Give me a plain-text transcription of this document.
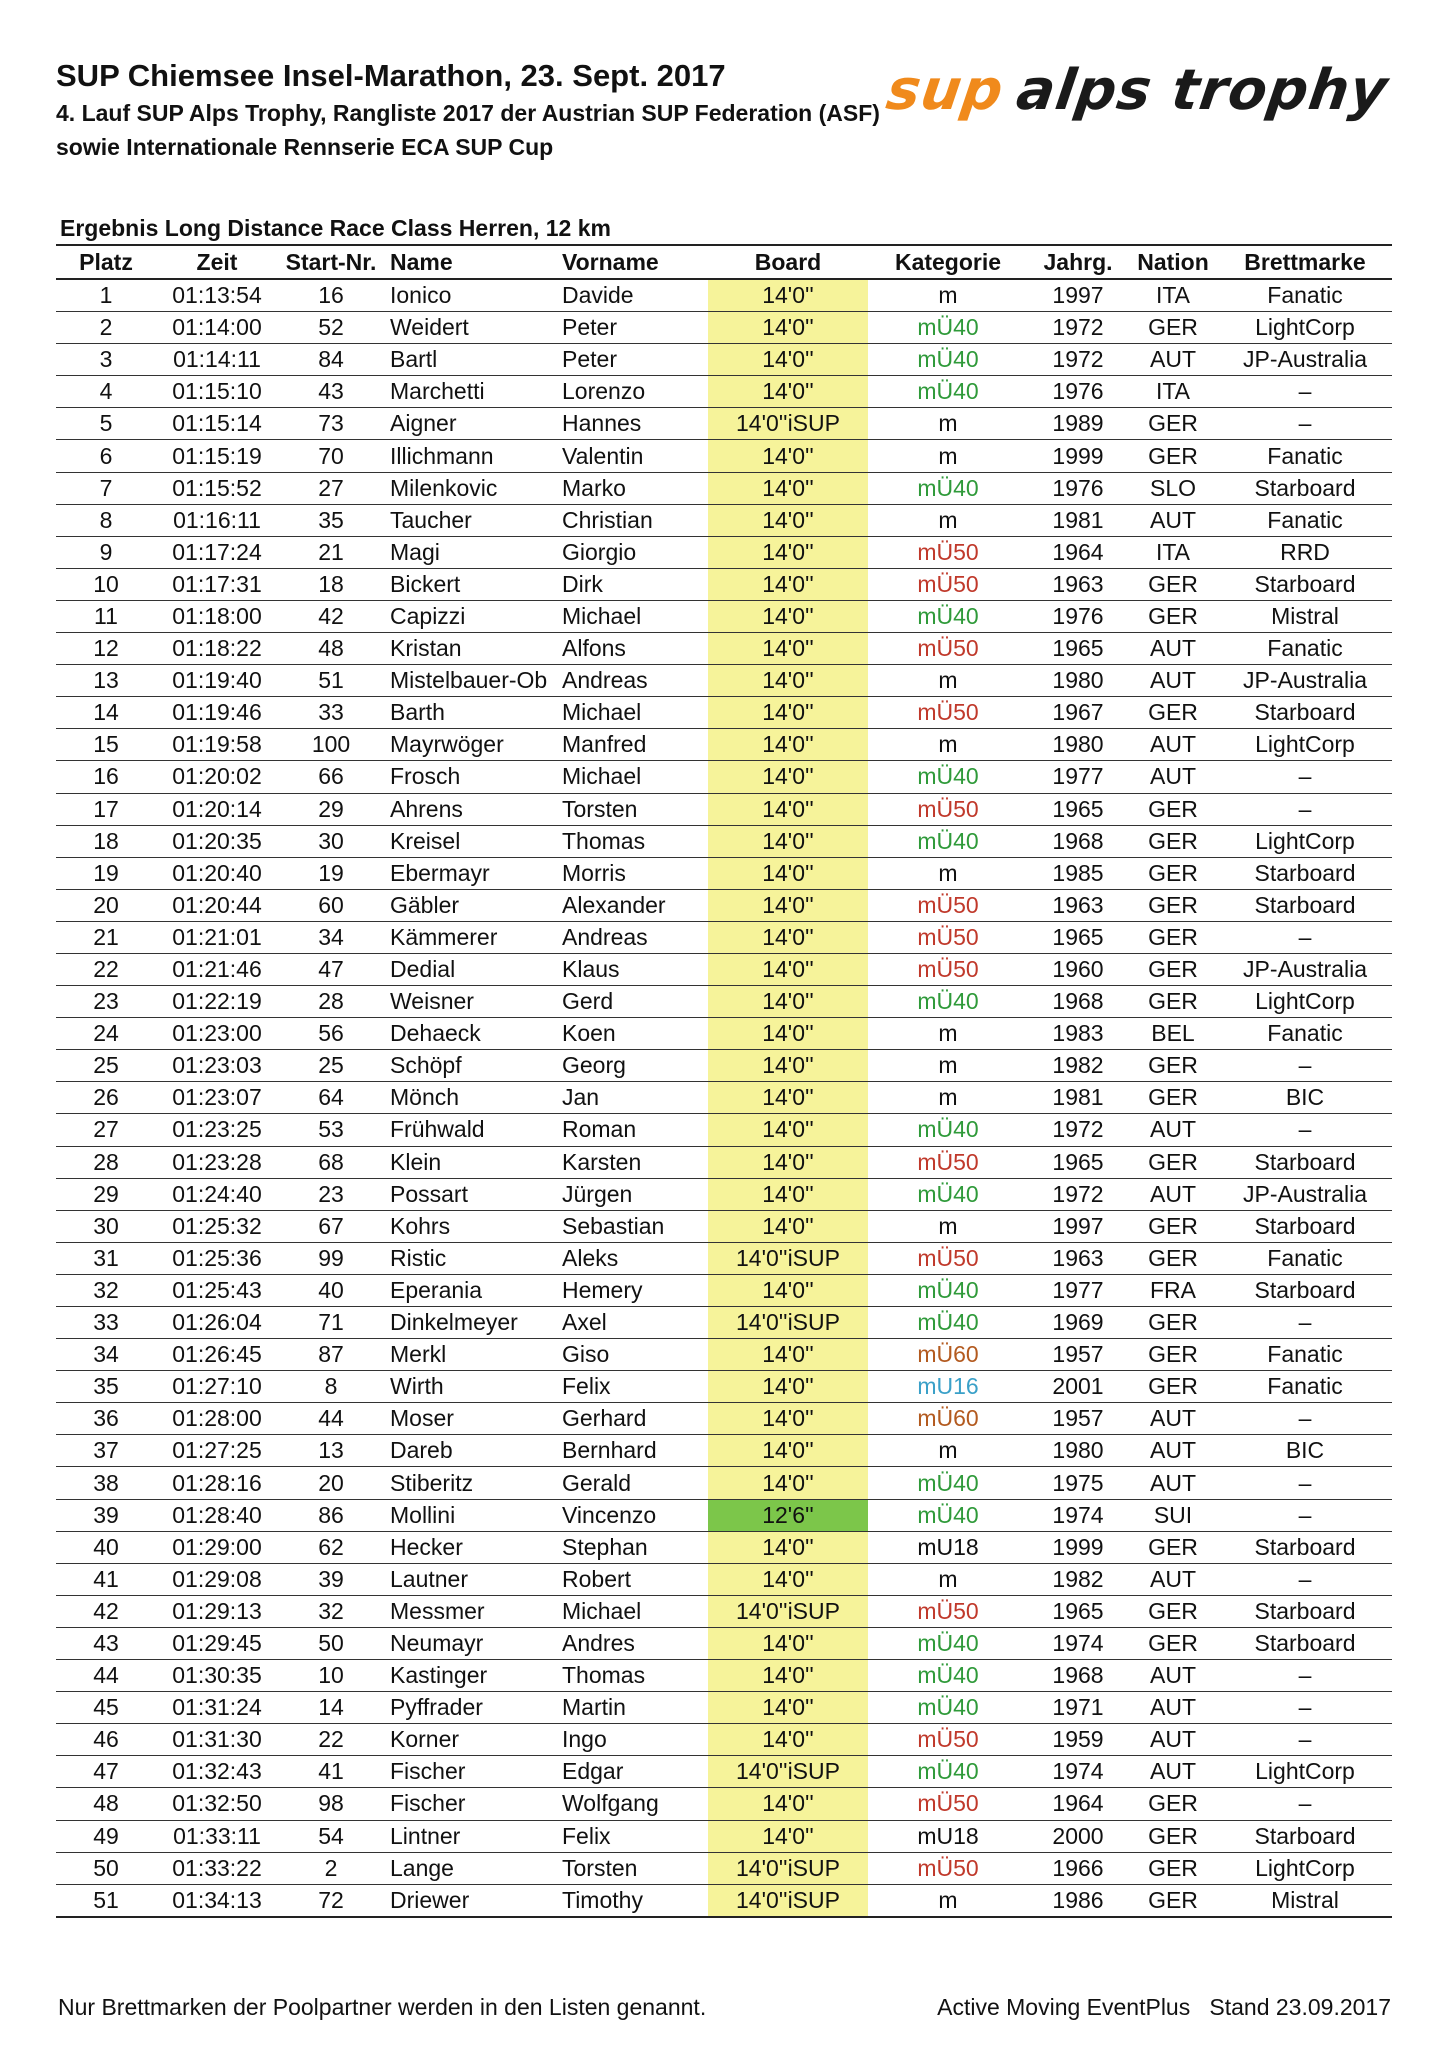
SUP Chiemsee Insel-Marathon, 23. Sept. 2017

4. Lauf SUP Alps Trophy, Rangliste 2017 der Austrian SUP Federation (ASF)

sowie Internationale Rennserie ECA SUP Cup

supalps trophy
Ergebnis Long Distance Race Class Herren, 12 km
Platz	Zeit	Start-Nr.	Name	Vorname	Board	Kategorie	Jahrg.	Nation	Brettmarke
1	01:13:54	16	Ionico	Davide	14'0''	m	1997	ITA	Fanatic
2	01:14:00	52	Weidert	Peter	14'0''	mÜ40	1972	GER	LightCorp
3	01:14:11	84	Bartl	Peter	14'0''	mÜ40	1972	AUT	JP-Australia
4	01:15:10	43	Marchetti	Lorenzo	14'0''	mÜ40	1976	ITA	–
5	01:15:14	73	Aigner	Hannes	14'0''iSUP	m	1989	GER	–
6	01:15:19	70	Illichmann	Valentin	14'0''	m	1999	GER	Fanatic
7	01:15:52	27	Milenkovic	Marko	14'0''	mÜ40	1976	SLO	Starboard
8	01:16:11	35	Taucher	Christian	14'0''	m	1981	AUT	Fanatic
9	01:17:24	21	Magi	Giorgio	14'0''	mÜ50	1964	ITA	RRD
10	01:17:31	18	Bickert	Dirk	14'0''	mÜ50	1963	GER	Starboard
11	01:18:00	42	Capizzi	Michael	14'0''	mÜ40	1976	GER	Mistral
12	01:18:22	48	Kristan	Alfons	14'0''	mÜ50	1965	AUT	Fanatic
13	01:19:40	51	Mistelbauer-Ob	Andreas	14'0''	m	1980	AUT	JP-Australia
14	01:19:46	33	Barth	Michael	14'0''	mÜ50	1967	GER	Starboard
15	01:19:58	100	Mayrwöger	Manfred	14'0''	m	1980	AUT	LightCorp
16	01:20:02	66	Frosch	Michael	14'0''	mÜ40	1977	AUT	–
17	01:20:14	29	Ahrens	Torsten	14'0''	mÜ50	1965	GER	–
18	01:20:35	30	Kreisel	Thomas	14'0''	mÜ40	1968	GER	LightCorp
19	01:20:40	19	Ebermayr	Morris	14'0''	m	1985	GER	Starboard
20	01:20:44	60	Gäbler	Alexander	14'0''	mÜ50	1963	GER	Starboard
21	01:21:01	34	Kämmerer	Andreas	14'0''	mÜ50	1965	GER	–
22	01:21:46	47	Dedial	Klaus	14'0''	mÜ50	1960	GER	JP-Australia
23	01:22:19	28	Weisner	Gerd	14'0''	mÜ40	1968	GER	LightCorp
24	01:23:00	56	Dehaeck	Koen	14'0''	m	1983	BEL	Fanatic
25	01:23:03	25	Schöpf	Georg	14'0''	m	1982	GER	–
26	01:23:07	64	Mönch	Jan	14'0''	m	1981	GER	BIC
27	01:23:25	53	Frühwald	Roman	14'0''	mÜ40	1972	AUT	–
28	01:23:28	68	Klein	Karsten	14'0''	mÜ50	1965	GER	Starboard
29	01:24:40	23	Possart	Jürgen	14'0''	mÜ40	1972	AUT	JP-Australia
30	01:25:32	67	Kohrs	Sebastian	14'0''	m	1997	GER	Starboard
31	01:25:36	99	Ristic	Aleks	14'0''iSUP	mÜ50	1963	GER	Fanatic
32	01:25:43	40	Eperania	Hemery	14'0''	mÜ40	1977	FRA	Starboard
33	01:26:04	71	Dinkelmeyer	Axel	14'0''iSUP	mÜ40	1969	GER	–
34	01:26:45	87	Merkl	Giso	14'0''	mÜ60	1957	GER	Fanatic
35	01:27:10	8	Wirth	Felix	14'0''	mU16	2001	GER	Fanatic
36	01:28:00	44	Moser	Gerhard	14'0''	mÜ60	1957	AUT	–
37	01:27:25	13	Dareb	Bernhard	14'0''	m	1980	AUT	BIC
38	01:28:16	20	Stiberitz	Gerald	14'0''	mÜ40	1975	AUT	–
39	01:28:40	86	Mollini	Vincenzo	12'6''	mÜ40	1974	SUI	–
40	01:29:00	62	Hecker	Stephan	14'0''	mU18	1999	GER	Starboard
41	01:29:08	39	Lautner	Robert	14'0''	m	1982	AUT	–
42	01:29:13	32	Messmer	Michael	14'0''iSUP	mÜ50	1965	GER	Starboard
43	01:29:45	50	Neumayr	Andres	14'0''	mÜ40	1974	GER	Starboard
44	01:30:35	10	Kastinger	Thomas	14'0''	mÜ40	1968	AUT	–
45	01:31:24	14	Pyffrader	Martin	14'0''	mÜ40	1971	AUT	–
46	01:31:30	22	Korner	Ingo	14'0''	mÜ50	1959	AUT	–
47	01:32:43	41	Fischer	Edgar	14'0''iSUP	mÜ40	1974	AUT	LightCorp
48	01:32:50	98	Fischer	Wolfgang	14'0''	mÜ50	1964	GER	–
49	01:33:11	54	Lintner	Felix	14'0''	mU18	2000	GER	Starboard
50	01:33:22	2	Lange	Torsten	14'0''iSUP	mÜ50	1966	GER	LightCorp
51	01:34:13	72	Driewer	Timothy	14'0''iSUP	m	1986	GER	Mistral
Nur Brettmarken der Poolpartner werden in den Listen genannt.	Active Moving EventPlus   Stand 23.09.2017
